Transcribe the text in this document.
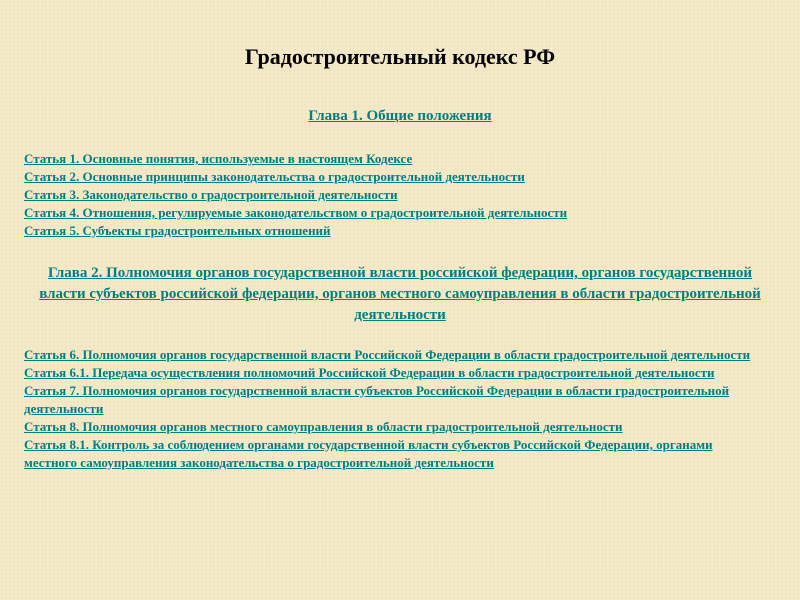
Градостроительный кодекс РФ
Глава 1. Общие положения
Статья 1. Основные понятия, используемые в настоящем Кодексе
Статья 2. Основные принципы законодательства о градостроительной деятельности
Статья 3. Законодательство о градостроительной деятельности
Статья 4. Отношения, регулируемые законодательством о градостроительной деятельности
Статья 5. Субъекты градостроительных отношений
Глава 2. Полномочия органов государственной власти российской федерации, органов государственной власти субъектов российской федерации, органов местного самоуправления в области градостроительной деятельности
Статья 6. Полномочия органов государственной власти Российской Федерации в области градостроительной деятельности
Статья 6.1. Передача осуществления полномочий Российской Федерации в области градостроительной деятельности
Статья 7. Полномочия органов государственной власти субъектов Российской Федерации в области градостроительной деятельности
Статья 8. Полномочия органов местного самоуправления в области градостроительной деятельности
Статья 8.1. Контроль за соблюдением органами государственной власти субъектов Российской Федерации, органами местного самоуправления законодательства о градостроительной деятельности
